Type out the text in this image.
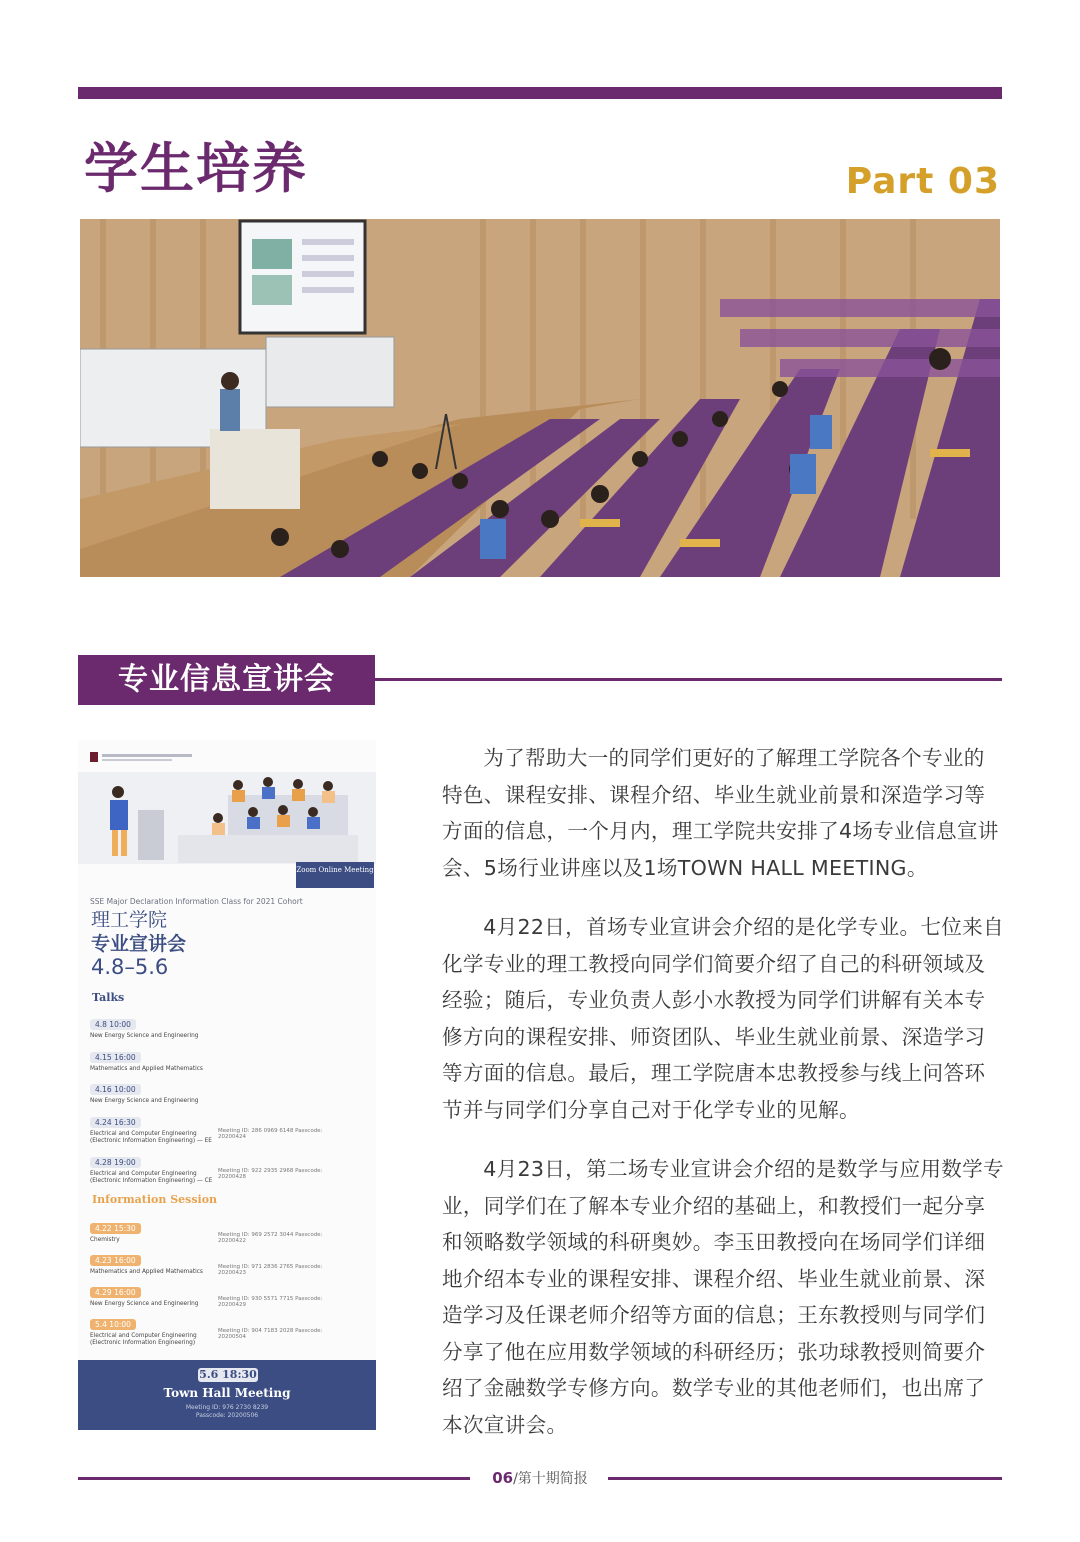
学生培养	Part 03
专业信息宣讲会
Zoom Online Meeting
SSE Major Declaration Information Class for 2021 Cohort
理工学院
专业宣讲会
4.8–5.6
Talks
4.8 10:00
New Energy Science and Engineering
4.15 16:00
Mathematics and Applied Mathematics
4.16 10:00
New Energy Science and Engineering
4.24 16:30
Electrical and Computer Engineering (Electronic Information Engineering) — EE
Meeting ID: 286 0969 6148 Passcode: 20200424
4.28 19:00
Electrical and Computer Engineering (Electronic Information Engineering) — CE
Meeting ID: 922 2935 2968 Passcode: 20200428
Information Session
4.22 15:30
Chemistry
Meeting ID: 969 2572 3044 Passcode: 20200422
4.23 16:00
Mathematics and Applied Mathematics
Meeting ID: 971 2836 2765 Passcode: 20200423
4.29 16:00
New Energy Science and Engineering
Meeting ID: 930 5571 7715 Passcode: 20200429
5.4 10:00
Electrical and Computer Engineering (Electronic Information Engineering)
Meeting ID: 904 7183 2028 Passcode: 20200504
5.6 18:30
Town Hall Meeting
Meeting ID: 976 2730 8239
Passcode: 20200506

为了帮助大一的同学们更好的了解理工学院各个专业的特色、课程安排、课程介绍、毕业生就业前景和深造学习等方面的信息，一个月内，理工学院共安排了4场专业信息宣讲会、5场行业讲座以及1场TOWN HALL MEETING。

4月22日，首场专业宣讲会介绍的是化学专业。七位来自化学专业的理工教授向同学们简要介绍了自己的科研领域及经验；随后，专业负责人彭小水教授为同学们讲解有关本专修方向的课程安排、师资团队、毕业生就业前景、深造学习等方面的信息。最后，理工学院唐本忠教授参与线上问答环节并与同学们分享自己对于化学专业的见解。

4月23日，第二场专业宣讲会介绍的是数学与应用数学专业，同学们在了解本专业介绍的基础上，和教授们一起分享和领略数学领域的科研奥妙。李玉田教授向在场同学们详细地介绍本专业的课程安排、课程介绍、毕业生就业前景、深造学习及任课老师介绍等方面的信息；王东教授则与同学们分享了他在应用数学领域的科研经历；张功球教授则简要介绍了金融数学专修方向。数学专业的其他老师们，也出席了本次宣讲会。

06/第十期简报
